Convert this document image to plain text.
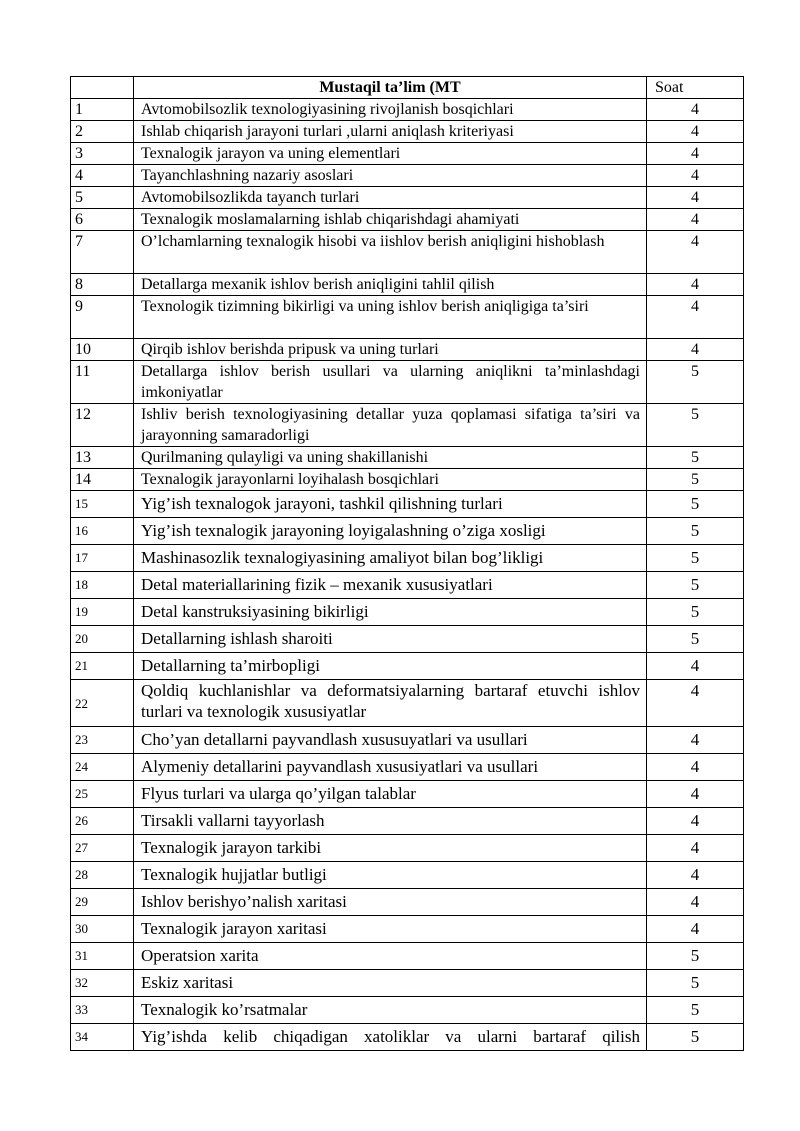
	Mustaqil ta’lim (MT	Soat
1	Avtomobilsozlik texnologiyasining rivojlanish bosqichlari	4
2	Ishlab chiqarish jarayoni turlari ,ularni aniqlash kriteriyasi	4
3	Texnalogik jarayon va uning elementlari	4
4	Tayanchlashning nazariy asoslari	4
5	Avtomobilsozlikda tayanch turlari	4
6	Texnalogik moslamalarning ishlab chiqarishdagi ahamiyati	4
7	O’lchamlarning texnalogik hisobi va iishlov berish aniqligini hishoblash	4
8	Detallarga mexanik ishlov berish aniqligini tahlil qilish	4
9	Texnologik tizimning bikirligi va uning ishlov berish aniqligiga ta’siri	4
10	Qirqib ishlov berishda pripusk va uning turlari	4
11	Detallarga ishlov berish usullari va ularning aniqlikni ta’minlashdagi imkoniyatlar	5
12	Ishliv berish texnologiyasining detallar yuza qoplamasi sifatiga ta’siri va jarayonning samaradorligi	5
13	Qurilmaning qulayligi va uning shakillanishi	5
14	Texnalogik jarayonlarni loyihalash bosqichlari	5
15	Yig’ish texnalogok jarayoni, tashkil qilishning turlari	5
16	Yig’ish texnalogik jarayoning loyigalashning o’ziga xosligi	5
17	Mashinasozlik texnalogiyasining amaliyot bilan bog’likligi	5
18	Detal materiallarining fizik – mexanik xususiyatlari	5
19	Detal kanstruksiyasining bikirligi	5
20	Detallarning ishlash sharoiti	5
21	Detallarning ta’mirbopligi	4
22	Qoldiq kuchlanishlar va deformatsiyalarning bartaraf etuvchi ishlov turlari va texnologik xususiyatlar	4
23	Cho’yan detallarni payvandlash xususuyatlari va usullari	4
24	Alymeniy detallarini payvandlash xususiyatlari va usullari	4
25	Flyus turlari va ularga qo’yilgan talablar	4
26	Tirsakli vallarni tayyorlash	4
27	Texnalogik jarayon tarkibi	4
28	Texnalogik hujjatlar butligi	4
29	Ishlov berishyo’nalish xaritasi	4
30	Texnalogik jarayon xaritasi	4
31	Operatsion xarita	5
32	Eskiz xaritasi	5
33	Texnalogik ko’rsatmalar	5
34	Yig’ishda kelib chiqadigan xatoliklar va ularni bartaraf qilish	5
